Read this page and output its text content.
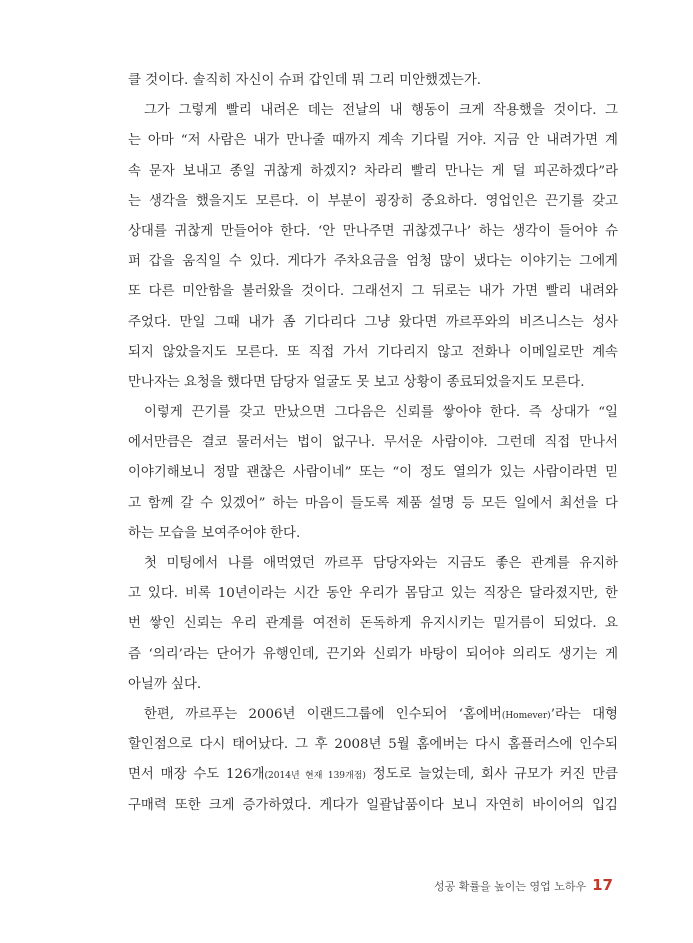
클 것이다. 솔직히 자신이 슈퍼 갑인데 뭐 그리 미안했겠는가.
그가 그렇게 빨리 내려온 데는 전날의 내 행동이 크게 작용했을 것이다. 그
는 아마 “저 사람은 내가 만나줄 때까지 계속 기다릴 거야. 지금 안 내려가면 계
속 문자 보내고 종일 귀찮게 하겠지? 차라리 빨리 만나는 게 덜 피곤하겠다”라
는 생각을 했을지도 모른다. 이 부분이 굉장히 중요하다. 영업인은 끈기를 갖고
상대를 귀찮게 만들어야 한다. ‘안 만나주면 귀찮겠구나’ 하는 생각이 들어야 슈
퍼 갑을 움직일 수 있다. 게다가 주차요금을 엄청 많이 냈다는 이야기는 그에게
또 다른 미안함을 불러왔을 것이다. 그래선지 그 뒤로는 내가 가면 빨리 내려와
주었다. 만일 그때 내가 좀 기다리다 그냥 왔다면 까르푸와의 비즈니스는 성사
되지 않았을지도 모른다. 또 직접 가서 기다리지 않고 전화나 이메일로만 계속
만나자는 요청을 했다면 담당자 얼굴도 못 보고 상황이 종료되었을지도 모른다.
이렇게 끈기를 갖고 만났으면 그다음은 신뢰를 쌓아야 한다. 즉 상대가 “일
에서만큼은 결코 물러서는 법이 없구나. 무서운 사람이야. 그런데 직접 만나서
이야기해보니 정말 괜찮은 사람이네” 또는 “이 정도 열의가 있는 사람이라면 믿
고 함께 갈 수 있겠어” 하는 마음이 들도록 제품 설명 등 모든 일에서 최선을 다
하는 모습을 보여주어야 한다.
첫 미팅에서 나를 애먹였던 까르푸 담당자와는 지금도 좋은 관계를 유지하
고 있다. 비록 10년이라는 시간 동안 우리가 몸담고 있는 직장은 달라졌지만, 한
번 쌓인 신뢰는 우리 관계를 여전히 돈독하게 유지시키는 밑거름이 되었다. 요
즘 ‘의리’라는 단어가 유행인데, 끈기와 신뢰가 바탕이 되어야 의리도 생기는 게
아닐까 싶다.
한편, 까르푸는 2006년 이랜드그룹에 인수되어 ‘홈에버(Homever)’라는 대형
할인점으로 다시 태어났다. 그 후 2008년 5월 홈에버는 다시 홈플러스에 인수되
면서 매장 수도 126개(2014년 현재 139개점) 정도로 늘었는데, 회사 규모가 커진 만큼
구매력 또한 크게 증가하였다. 게다가 일괄납품이다 보니 자연히 바이어의 입김
성공 확률을 높이는 영업 노하우 17
